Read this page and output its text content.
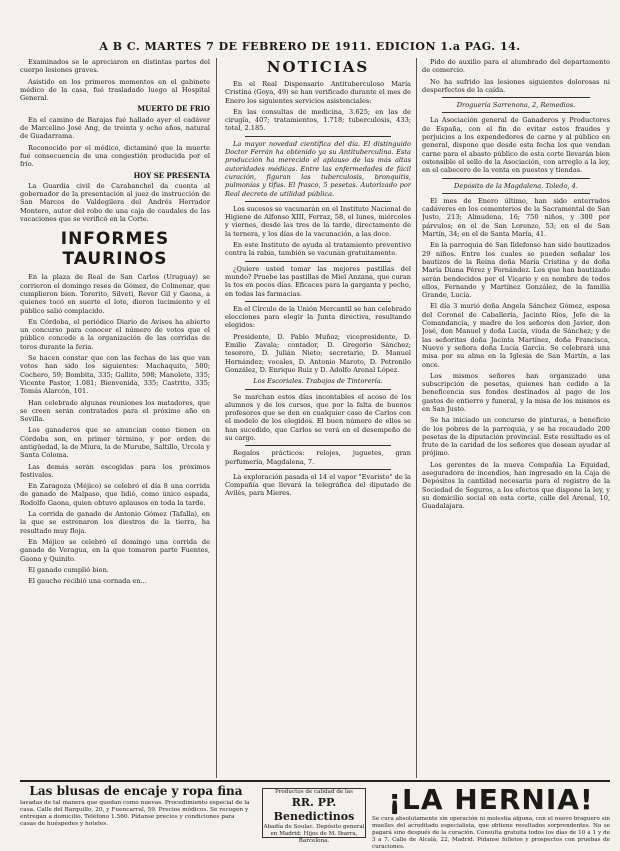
A B C. MARTES 7 DE FEBRERO DE 1911. EDICION 1.a PAG. 14.

Examinados se le apreciaron en distintas partes del cuerpo lesiones graves.

Asistido en los primeros momentos en el gabinete médico de la casa, fué trasladado luego al Hospital General.

MUERTO DE FRIO

En el camino de Barajas fué hallado ayer el cadáver de Marcelino José Ang, de treinta y ocho años, natural de Guadarrama.

Reconocido por el médico, dictaminó que la muerte fué consecuencia de una congestión producida por el frío.

HOY SE PRESENTA

La Guardia civil de Carabanchel da cuenta al gobernador de la presentación al juez de instrucción de San Marcos de Valdegilera del Andrés Herrador Montero, autor del robo de una caja de caudales de las vacaciones que se verificó en la Corte.

INFORMES TAURINOS

En la plaza de Real de San Carlos (Uruguay) se corrieron el domingo reses de Gómez, de Colmenar, que cumplieron bien. Torerito, Silveti, Rever Gil y Gaona, a quienes tocó en suerte el lote, dieron lucimiento y el público salió complacido.

En Córdoba, el periódico Diario de Avisos ha abierto un concurso para conocer el número de votos que el público concede a la organización de las corridas de toros durante la feria.

Se hacen constar que con las fechas de las que van votos han sido los siguientes: Machaquito, 500; Cochero, 59; Bombita, 335; Gallito, 598; Manolete, 335; Vicente Pastor, 1.081; Bienvenida, 335; Castrito, 335; Tomás Alarcón, 101.

Han celebrado algunas reuniones los matadores, que se creen serán contratados para el próximo año en Sevilla.

Los ganaderos que se anuncian como tienen en Córdoba son, en primer término, y por orden de antigüedad, la de Miura, la de Murube, Saltillo, Urcola y Santa Coloma.

Las demás serán escogidas para los próximos festivales.

En Zaragoza (Méjico) se celebró el día 8 una corrida de ganado de Malpaso, que lidió, como único espada, Rodolfo Gaona, quien obtuvo aplausos en toda la tarde.

La corrida de ganado de Antonio Gómez (Tafalla), en la que se estrenaron los diestros de la tierra, ha resultado muy floja.

En Méjico se celebró el domingo una corrida de ganado de Veragua, en la que tomaron parte Fuentes, Gaona y Quinito.

El ganado cumplió bien.

El gaucho recibió una cornada en...

NOTICIAS

En el Real Dispensario Antituberculoso María Cristina (Goya, 49) se han verificado durante el mes de Enero los siguientes servicios asistenciales:

En las consultas de medicina, 3.625; en las de cirugía, 407; tratamientos, 1.718; tuberculosis, 433; total, 2.185.

La mayor novedad científica del día. El distinguido Doctor Ferrán ha obtenido ya su Antituberculina. Esta producción ha merecido el aplauso de las más altas autoridades médicas. Entre las enfermedades de fácil curación, figuran las tuberculosis, bronquitis, pulmonías y tifus. El frasco, 5 pesetas. Autorizado por Real decreto de utilidad pública.

Los sucesos se vacunarán en el Instituto Nacional de Higiene de Alfonso XIII, Ferraz, 58, el lunes, miércoles y viernes, desde las tres de la tarde, directamente de la ternera, y los días de la vacunación, a las doce.

En este Instituto de ayuda al tratamiento preventivo contra la rabia, también se vacunan gratuitamente.

¿Quiere usted tomar las mejores pastillas del mundo? Pruebe las pastillas de Miel Anzana, que curan la tos en pocos días. Eficaces para la garganta y pecho, en todas las farmacias.

En el Círculo de la Unión Mercantil se han celebrado elecciones para elegir la Junta directiva, resultando elegidos:

Presidente, D. Pablo Muñoz; vicepresidente, D. Emilio Zavala; contador, D. Gregorio Sánchez; tesorero, D. Julián Nieto; secretario, D. Manuel Hernández; vocales, D. Antonio Maroto, D. Petronilo González, D. Enrique Ruiz y D. Adolfo Arenal López.

Los Escoriales. Trabajos de Tintorería.

Se marchan estos días incontables el acoso de los alumnos y de los cursos, que por la falta de buenos profesores que se den en cualquier caso de Carlos con el modelo de los elegidos. El buen número de ellos se han sucedido, que Carlos se verá en el desempeño de su cargo.

Regalos prácticos: relojes, juguetes, gran perfumería, Magdalena, 7.

La exploración pasada el 14 el vapor "Evaristo" de la Compañía que llevará la telegráfica del diputado de Avilés, para Mieres.

Pido de auxilio para el alumbrado del departamento de comercio.

No ha sufrido las lesiones siguientes dolorosas ni desperfectos de la caída.

Droguería Sarrenona, 2, Remedios.

La Asociación general de Ganaderos y Productores de España, con el fin de evitar estos fraudes y perjuicios a los expendedores de carne y al público en general, dispone que desde esta fecha los que vendan carne para el abasto público de esta corte llevarán bien ostensible el sello de la Asociación, con arreglo a la ley, en el cabecero de la venta en puestos y tiendas.

Depósito de la Magdalena. Toledo, 4.

El mes de Enero último, han sido enterrados cadáveres en los cementerios de la Sacramental de San Justo, 213; Almudena, 16; 750 niños, y 300 por párvulos; en el de San Lorenzo, 53; en el de San Martín, 34; en el de Santa María, 41.

En la parroquia de San Ildefonso han sido bautizados 29 niños. Entre los cuales se pueden señalar los bautizos de la Reina doña María Cristina y de doña María Diana Pérez y Fernández. Los que han bautizado serán bendecidos por el Vicario y en nombre de todos ellos, Fernando y Martínez González, de la familia Grande, Lucía.

El día 3 murió doña Angela Sánchez Gómez, esposa del Coronel de Caballería, Jacinto Ríos, Jefe de la Comandancia, y madre de los señores don Javier, don José, don Manuel y doña Lucía, viuda de Sánchez; y de las señoritas doña Jacinta Martínez, doña Francisca, Nuevo y señora doña Lucía García. Se celebrará una misa por su alma en la Iglesia de San Martín, a las once.

Los mismos señores han organizado una subscripción de pesetas, quienes han cedido a la beneficencia sus fondos destinados al pago de los gastos de entierro y funeral, y la misa de los mismos es en San Justo.

Se ha iniciado un concurso de pinturas, a beneficio de los pobres de la parroquia, y se ha recaudado 200 pesetas de la diputación provincial. Este resultado es el fruto de la caridad de los señores que desean ayudar al prójimo.

Los gerentes de la nueva Compañía La Equidad, aseguradora de incendios, han ingresado en la Caja de Depósitos la cantidad necesaria para el registro de la Sociedad de Seguros, a los efectos que dispone la ley, y su domicilio social en esta corte, calle del Arenal, 10, Guadalajara.

Las blusas de encaje y ropa fina
lavadas de tal manera que quedan como nuevas. Procedimiento especial de la casa. Calle del Barquillo, 20, y Fuencarral, 59. Precios módicos. Se recogen y entregan a domicilio. Teléfono 1.560. Pídanse precios y condiciones para casas de huéspedes y hoteles.
Productos de calidad de las
RR. PP. Benedictinos
Abadía de Soulac. Depósito general en Madrid: Hijos de M. Ibarra, Barcelona.
¡LA HERNIA!
Se cura absolutamente sin operación ni molestia alguna, con el nuevo braguero sin muelles del acreditado especialista, que obtiene resultados sorprendentes. No se pagará sino después de la curación. Consulta gratuita todos los días de 10 a 1 y de 3 a 7. Calle de Alcalá, 22, Madrid. Pídanse folletos y prospectos con pruebas de curaciones.
